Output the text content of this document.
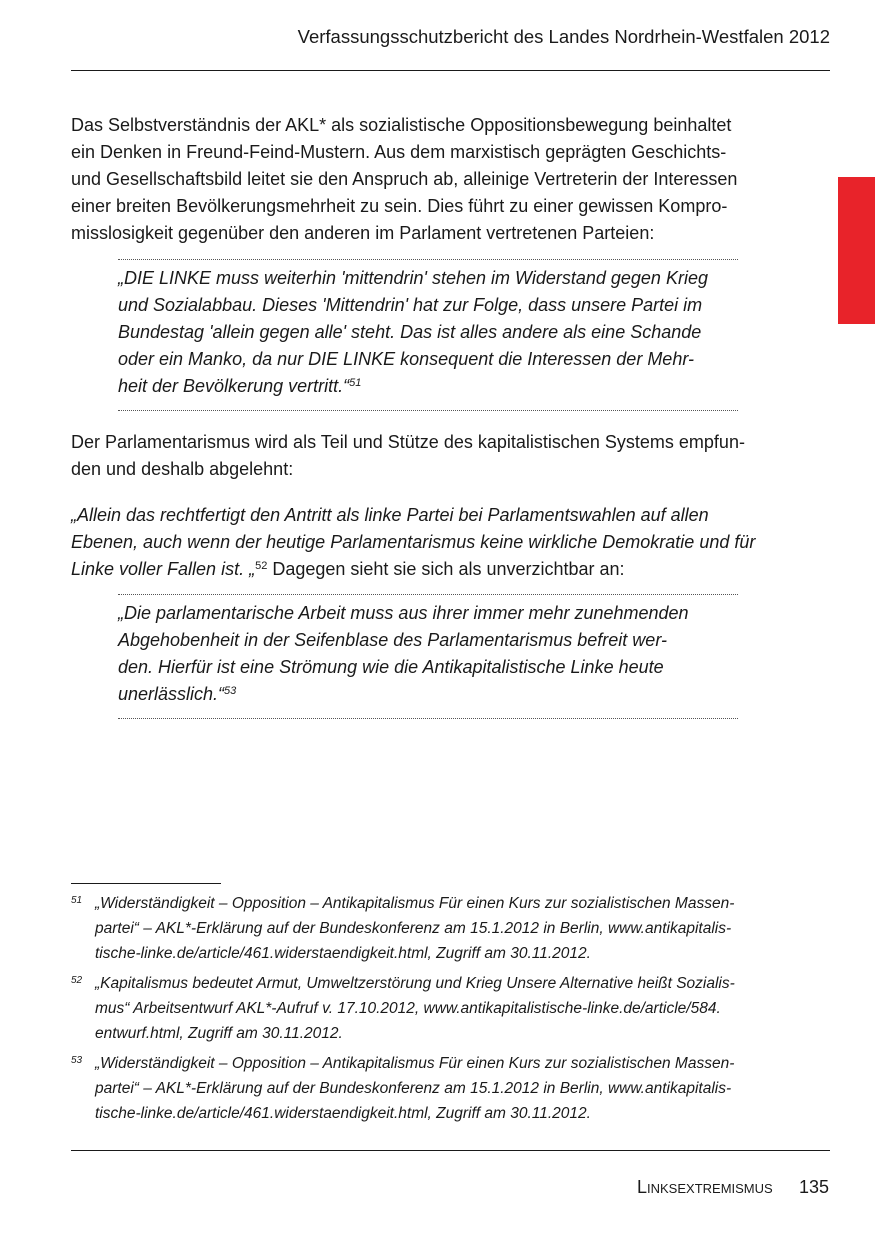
Verfassungsschutzbericht des Landes Nordrhein-Westfalen 2012

Das Selbstverständnis der AKL* als sozialistische Oppositionsbewegung beinhaltet
ein Denken in Freund-Feind-Mustern. Aus dem marxistisch geprägten Geschichts-
und Gesellschaftsbild leitet sie den Anspruch ab, alleinige Vertreterin der Interessen
einer breiten Bevölkerungsmehrheit zu sein. Dies führt zu einer gewissen Kompro-
misslosigkeit gegenüber den anderen im Parlament vertretenen Parteien:

„DIE LINKE muss weiterhin 'mittendrin' stehen im Widerstand gegen Krieg
und Sozialabbau. Dieses 'Mittendrin' hat zur Folge, dass unsere Partei im
Bundestag 'allein gegen alle' steht. Das ist alles andere als eine Schande
oder ein Manko, da nur DIE LINKE konsequent die Interessen der Mehr-
heit der Bevölkerung vertritt.“$^{51}$

Der Parlamentarismus wird als Teil und Stütze des kapitalistischen Systems empfun-
den und deshalb abgelehnt:

„Allein das rechtfertigt den Antritt als linke Partei bei Parlamentswahlen auf allen
Ebenen, auch wenn der heutige Parlamentarismus keine wirkliche Demokratie und für
Linke voller Fallen ist. „$^{52}$ Dagegen sieht sie sich als unverzichtbar an:

„Die parlamentarische Arbeit muss aus ihrer immer mehr zunehmenden
Abgehobenheit in der Seifenblase des Parlamentarismus befreit wer-
den. Hierfür ist eine Strömung wie die Antikapitalistische Linke heute
unerlässlich.“$^{53}$

51 „Widerständigkeit – Opposition – Antikapitalismus Für einen Kurs zur sozialistischen Massen-
partei“ – AKL*-Erklärung auf der Bundeskonferenz am 15.1.2012 in Berlin, www.antikapitalis-
tische-linke.de/article/461.widerstaendigkeit.html, Zugriff am 30.11.2012.
52 „Kapitalismus bedeutet Armut, Umweltzerstörung und Krieg Unsere Alternative heißt Sozialis-
mus“ Arbeitsentwurf AKL*-Aufruf v. 17.10.2012, www.antikapitalistische-linke.de/article/584.
entwurf.html, Zugriff am 30.11.2012.
53 „Widerständigkeit – Opposition – Antikapitalismus Für einen Kurs zur sozialistischen Massen-
partei“ – AKL*-Erklärung auf der Bundeskonferenz am 15.1.2012 in Berlin, www.antikapitalis-
tische-linke.de/article/461.widerstaendigkeit.html, Zugriff am 30.11.2012.
Linksextremismus 135
